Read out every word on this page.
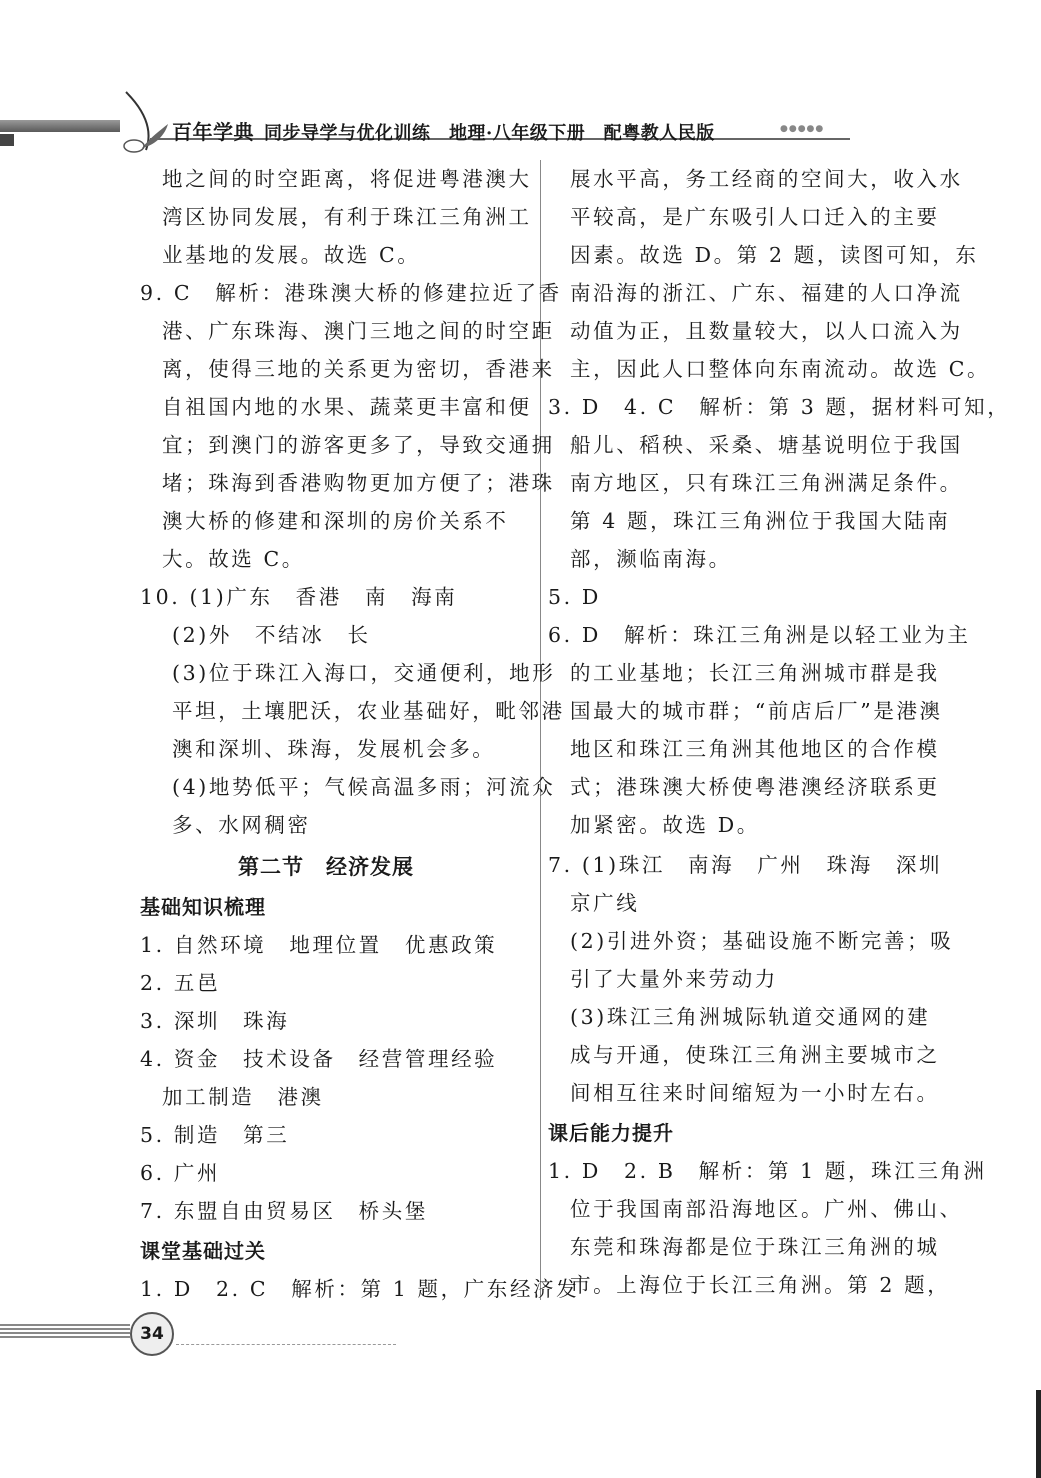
百年学典 同步导学与优化训练　地理·八年级下册　配粤教人民版	●●●●●
地之间的时空距离，将促进粤港澳大
湾区协同发展，有利于珠江三角洲工
业基地的发展。故选 C。
9. C　解析：港珠澳大桥的修建拉近了香
港、广东珠海、澳门三地之间的时空距
离，使得三地的关系更为密切，香港来
自祖国内地的水果、蔬菜更丰富和便
宜；到澳门的游客更多了，导致交通拥
堵；珠海到香港购物更加方便了；港珠
澳大桥的修建和深圳的房价关系不
大。故选 C。
10. (1)广东　香港　南　海南
(2)外　不结冰　长
(3)位于珠江入海口，交通便利，地形
平坦，土壤肥沃，农业基础好，毗邻港
澳和深圳、珠海，发展机会多。
(4)地势低平；气候高温多雨；河流众
多、水网稠密
第二节　经济发展
基础知识梳理
1. 自然环境　地理位置　优惠政策
2. 五邑
3. 深圳　珠海
4. 资金　技术设备　经营管理经验
加工制造　港澳
5. 制造　第三
6. 广州
7. 东盟自由贸易区　桥头堡
课堂基础过关
1. D　2. C　解析：第 1 题，广东经济发
展水平高，务工经商的空间大，收入水
平较高，是广东吸引人口迁入的主要
因素。故选 D。第 2 题，读图可知，东
南沿海的浙江、广东、福建的人口净流
动值为正，且数量较大，以人口流入为
主，因此人口整体向东南流动。故选 C。
3. D　4. C　解析：第 3 题，据材料可知，
船儿、稻秧、采桑、塘基说明位于我国
南方地区，只有珠江三角洲满足条件。
第 4 题，珠江三角洲位于我国大陆南
部，濒临南海。
5. D
6. D　解析：珠江三角洲是以轻工业为主
的工业基地；长江三角洲城市群是我
国最大的城市群；“前店后厂”是港澳
地区和珠江三角洲其他地区的合作模
式；港珠澳大桥使粤港澳经济联系更
加紧密。故选 D。
7. (1)珠江　南海　广州　珠海　深圳
京广线
(2)引进外资；基础设施不断完善；吸
引了大量外来劳动力
(3)珠江三角洲城际轨道交通网的建
成与开通，使珠江三角洲主要城市之
间相互往来时间缩短为一小时左右。
课后能力提升
1. D　2. B　解析：第 1 题，珠江三角洲
位于我国南部沿海地区。广州、佛山、
东莞和珠海都是位于珠江三角洲的城
市。上海位于长江三角洲。第 2 题，
34
